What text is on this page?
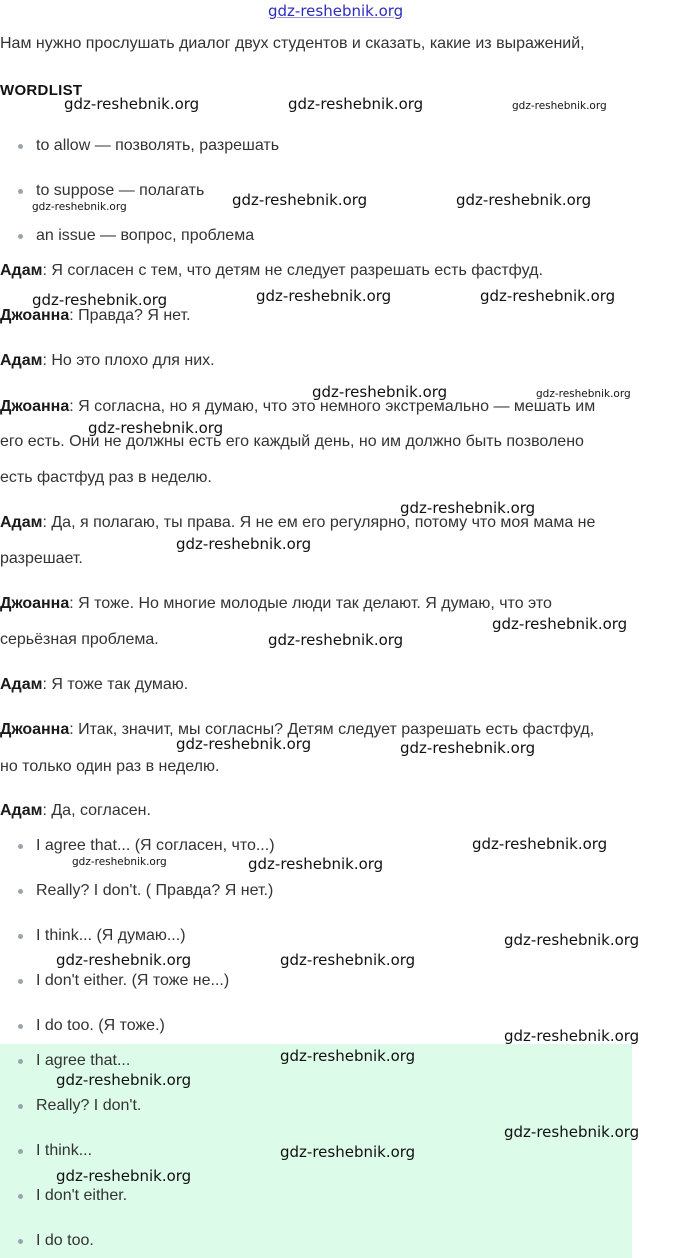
gdz-reshebnik.org
Нам нужно прослушать диалог двух студентов и сказать, какие из выражений,
WORDLIST
to allow — позволять, разрешать
to suppose — полагать
an issue — вопрос, проблема
Адам: Я согласен с тем, что детям не следует разрешать есть фастфуд.
Джоанна: Правда? Я нет.
Адам: Но это плохо для них.
Джоанна: Я согласна, но я думаю, что это немного экстремально — мешать им
его есть. Они не должны есть его каждый день, но им должно быть позволено
есть фастфуд раз в неделю.
Адам: Да, я полагаю, ты права. Я не ем его регулярно, потому что моя мама не
разрешает.
Джоанна: Я тоже. Но многие молодые люди так делают. Я думаю, что это
серьёзная проблема.
Адам: Я тоже так думаю.
Джоанна: Итак, значит, мы согласны? Детям следует разрешать есть фастфуд,
но только один раз в неделю.
Адам: Да, согласен.
I agree that... (Я согласен, что...)
Really? I don't. ( Правда? Я нет.)
I think... (Я думаю...)
I don't either. (Я тоже не...)
I do too. (Я тоже.)
I agree that...
Really? I don't.
I think...
I don't either.
I do too.
gdz-reshebnik.org	gdz-reshebnik.org	gdz-reshebnik.org
gdz-reshebnik.org	gdz-reshebnik.org	gdz-reshebnik.org
gdz-reshebnik.org	gdz-reshebnik.org	gdz-reshebnik.org
gdz-reshebnik.org	gdz-reshebnik.org
gdz-reshebnik.org
gdz-reshebnik.org
gdz-reshebnik.org
gdz-reshebnik.org
gdz-reshebnik.org
gdz-reshebnik.org	gdz-reshebnik.org
gdz-reshebnik.org
gdz-reshebnik.org	gdz-reshebnik.org
gdz-reshebnik.org
gdz-reshebnik.org	gdz-reshebnik.org
gdz-reshebnik.org
gdz-reshebnik.org
gdz-reshebnik.org
gdz-reshebnik.org
gdz-reshebnik.org
gdz-reshebnik.org
